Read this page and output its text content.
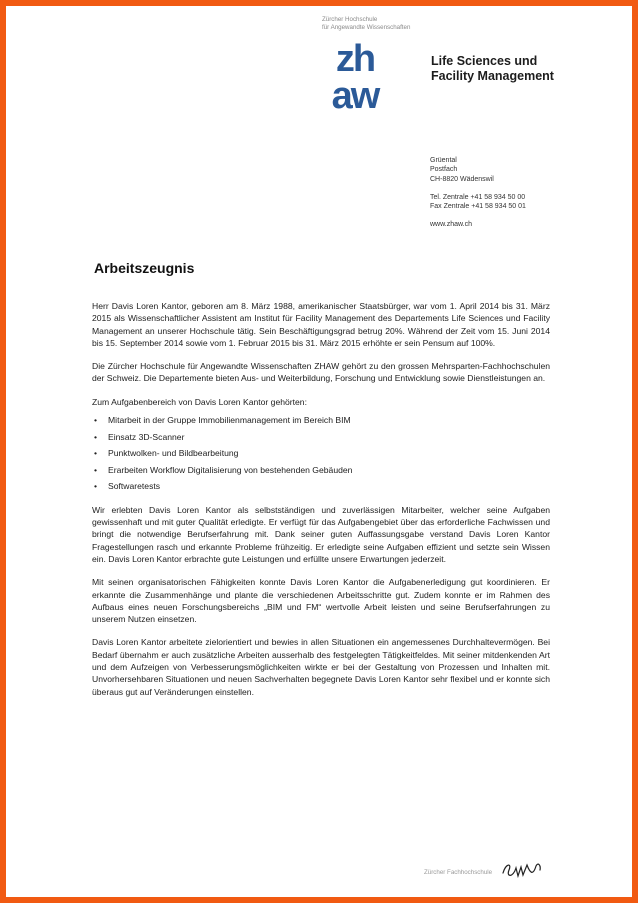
Zürcher Hochschule
für Angewandte Wissenschaften
zh
aw
Life Sciences und
Facility Management
Grüental
Postfach
CH-8820 Wädenswil
Tel. Zentrale +41 58 934 50 00
Fax Zentrale +41 58 934 50 01
www.zhaw.ch
Arbeitszeugnis

Herr Davis Loren Kantor, geboren am 8. März 1988, amerikanischer Staatsbürger, war vom 1. April 2014 bis 31. März 2015 als Wissenschaftlicher Assistent am Institut für Facility Management des Departements Life Sciences und Facility Management an unserer Hochschule tätig. Sein Beschäftigungsgrad betrug 20%. Während der Zeit vom 15. Juni 2014 bis 15. September 2014 sowie vom 1. Februar 2015 bis 31. März 2015 erhöhte er sein Pensum auf 100%.

Die Zürcher Hochschule für Angewandte Wissenschaften ZHAW gehört zu den grossen Mehrsparten-Fachhochschulen der Schweiz. Die Departemente bieten Aus- und Weiterbildung, Forschung und Entwicklung sowie Dienstleistungen an.

Zum Aufgabenbereich von Davis Loren Kantor gehörten:

• Mitarbeit in der Gruppe Immobilienmanagement im Bereich BIM
• Einsatz 3D-Scanner
• Punktwolken- und Bildbearbeitung
• Erarbeiten Workflow Digitalisierung von bestehenden Gebäuden
• Softwaretests

Wir erlebten Davis Loren Kantor als selbstständigen und zuverlässigen Mitarbeiter, welcher seine Aufgaben gewissenhaft und mit guter Qualität erledigte. Er verfügt für das Aufgabengebiet über das erforderliche Fachwissen und bringt die notwendige Berufserfahrung mit. Dank seiner guten Auffassungsgabe verstand Davis Loren Kantor Fragestellungen rasch und erkannte Probleme frühzeitig. Er erledigte seine Aufgaben effizient und setzte sein Wissen ein. Davis Loren Kantor erbrachte gute Leistungen und erfüllte unsere Erwartungen jederzeit.

Mit seinen organisatorischen Fähigkeiten konnte Davis Loren Kantor die Aufgabenerledigung gut koordinieren. Er erkannte die Zusammenhänge und plante die verschiedenen Arbeitsschritte gut. Zudem konnte er im Rahmen des Aufbaus eines neuen Forschungsbereichs „BIM und FM“ wertvolle Arbeit leisten und seine Berufserfahrungen zu unserem Nutzen einsetzen.

Davis Loren Kantor arbeitete zielorientiert und bewies in allen Situationen ein angemessenes Durchhaltevermögen. Bei Bedarf übernahm er auch zusätzliche Arbeiten ausserhalb des festgelegten Tätigkeitfeldes. Mit seiner mitdenkenden Art und dem Aufzeigen von Verbesserungsmöglichkeiten wirkte er bei der Gestaltung von Prozessen und Inhalten mit. Unvorhersehbaren Situationen und neuen Sachverhalten begegnete Davis Loren Kantor sehr flexibel und er konnte sich überaus gut auf Veränderungen einstellen.

Zürcher Fachhochschule
